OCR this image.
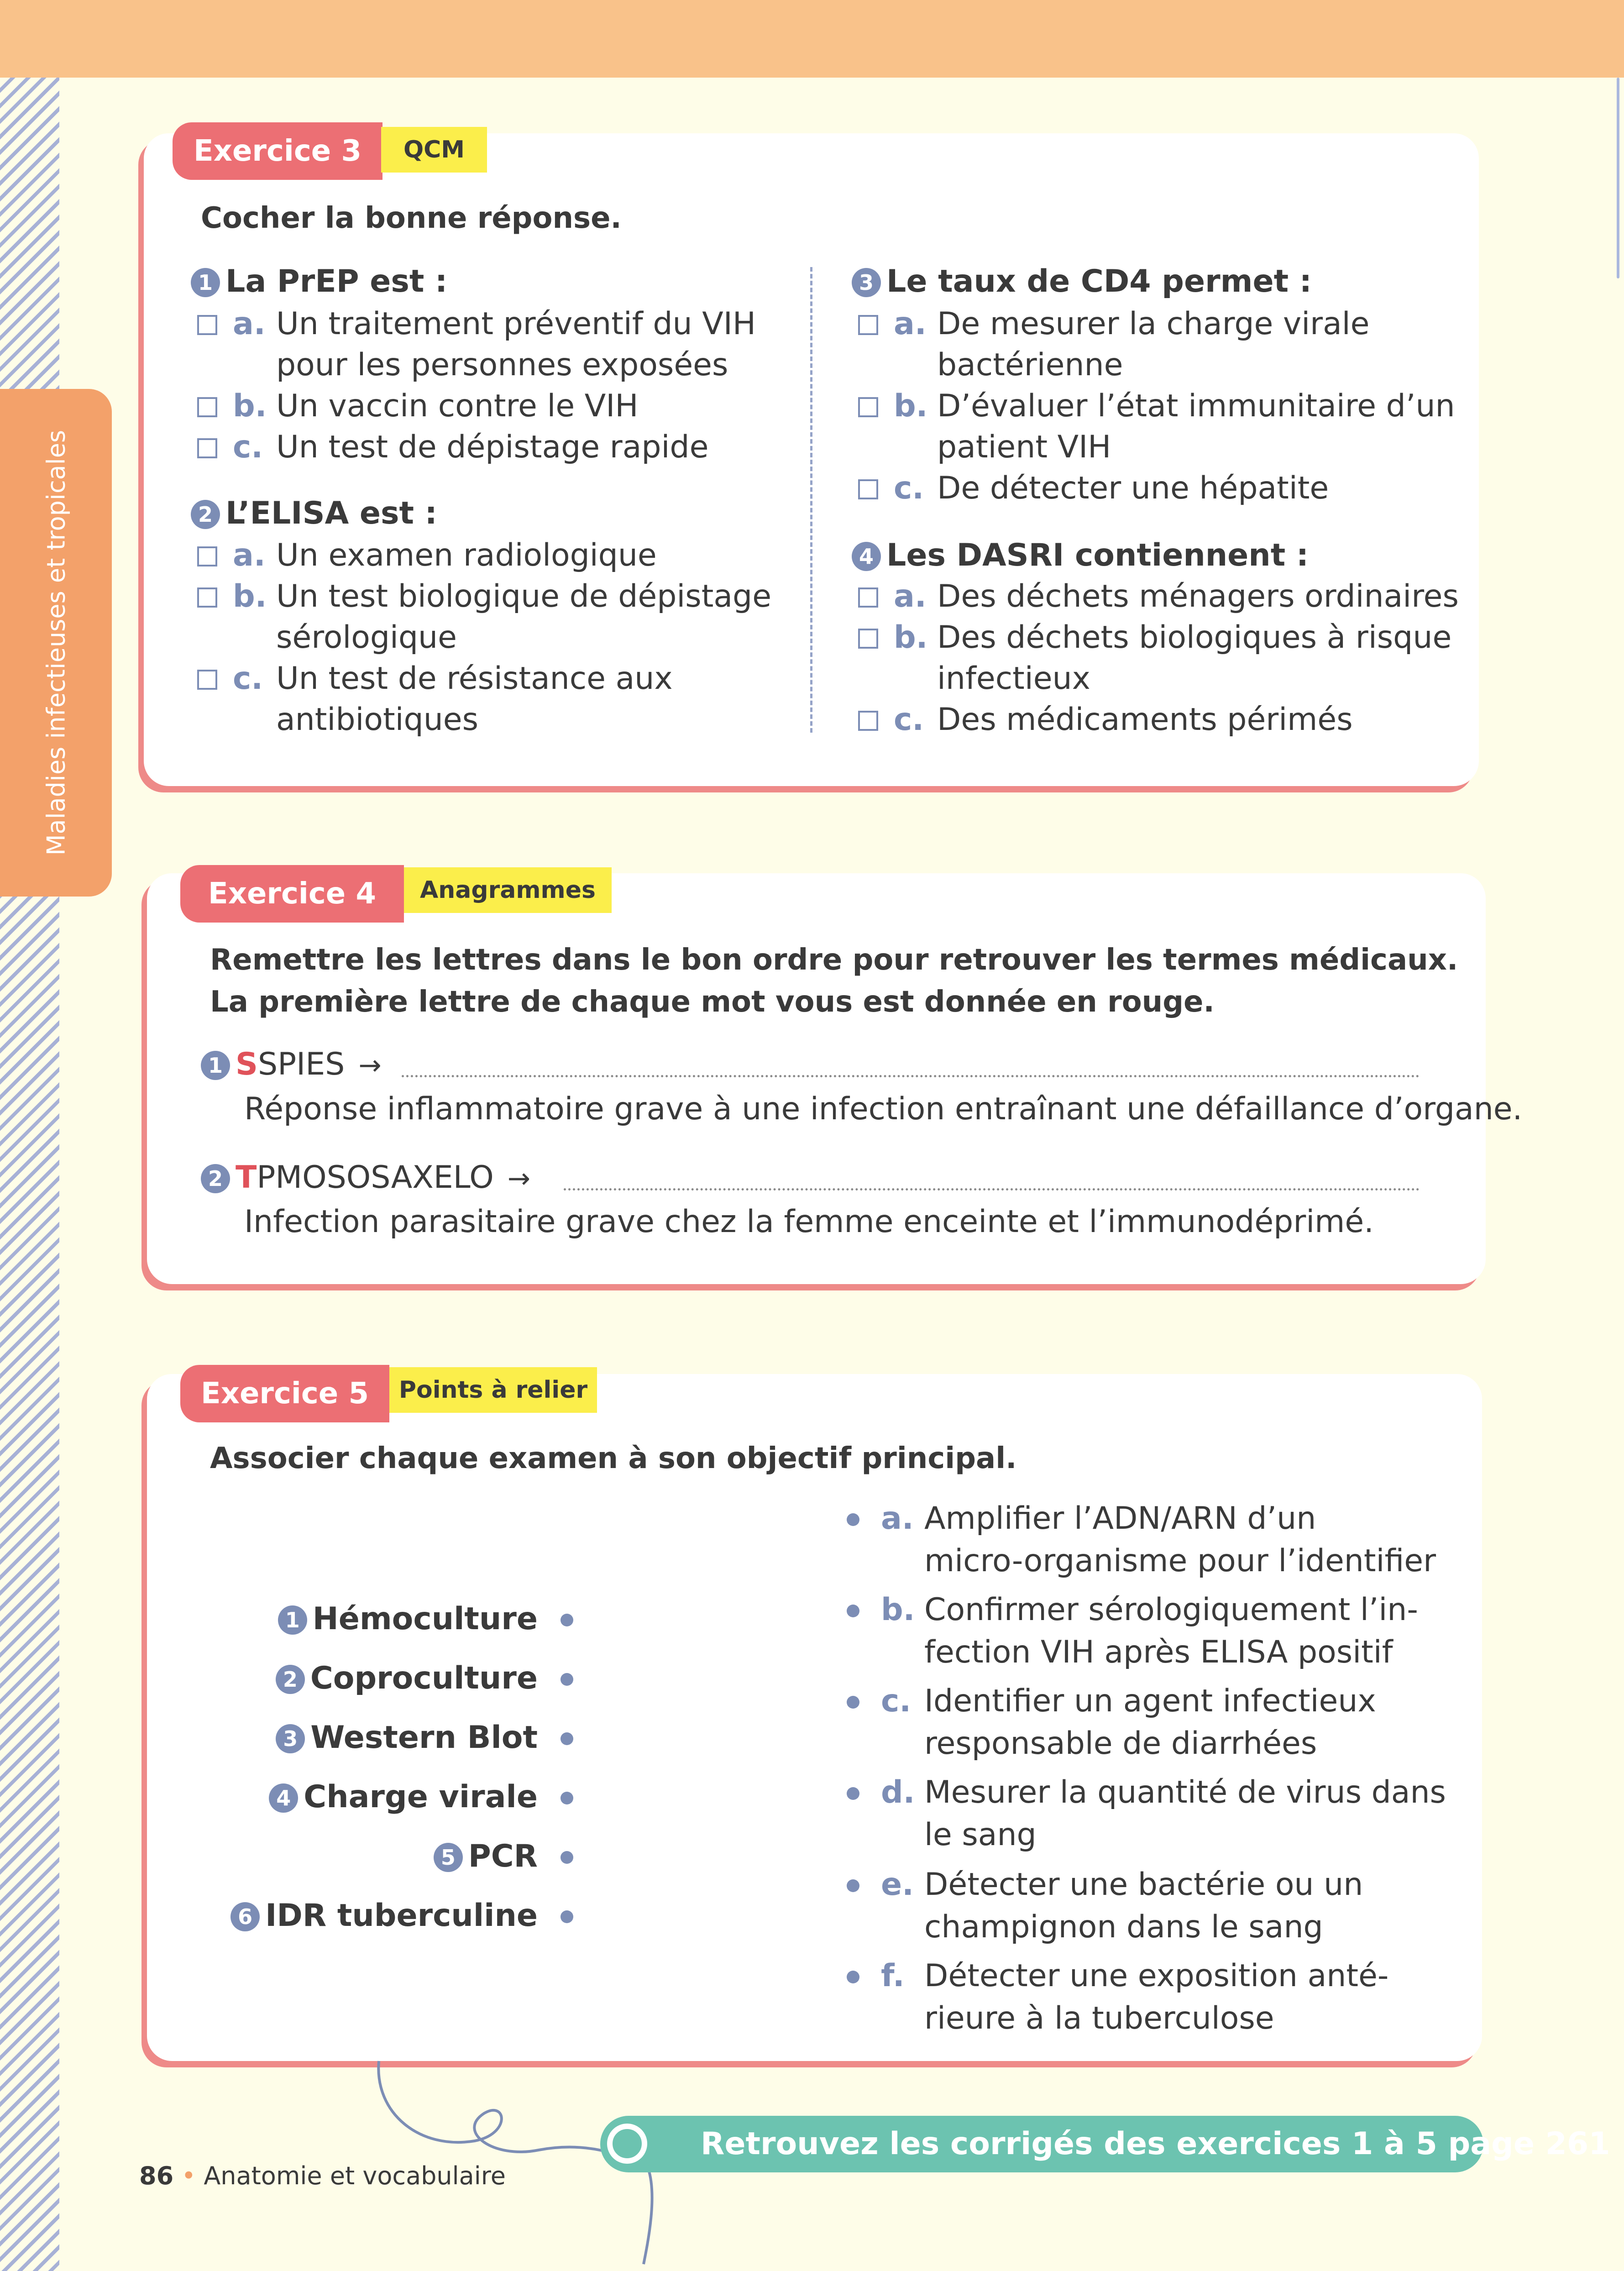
Maladies infectieuses et tropicales
Exercice 3	QCM
Cocher la bonne réponse.
1 La PrEP est :
a. Un traitement préventif du VIH
pour les personnes exposées
b. Un vaccin contre le VIH
c. Un test de dépistage rapide
2 L’ELISA est :
a. Un examen radiologique
b. Un test biologique de dépistage
sérologique
c. Un test de résistance aux
antibiotiques
3 Le taux de CD4 permet :
a. De mesurer la charge virale
bactérienne
b. D’évaluer l’état immunitaire d’un
patient VIH
c. De détecter une hépatite
4 Les DASRI contiennent :
a. Des déchets ménagers ordinaires
b. Des déchets biologiques à risque
infectieux
c. Des médicaments périmés
Exercice 4	Anagrammes
Remettre les lettres dans le bon ordre pour retrouver les termes médicaux.
La première lettre de chaque mot vous est donnée en rouge.
1 SSPIES →
Réponse inflammatoire grave à une infection entraînant une défaillance d’organe.
2 TPMOSOSAXELO →
Infection parasitaire grave chez la femme enceinte et l’immunodéprimé.
Exercice 5	Points à relier
Associer chaque examen à son objectif principal.
1 Hémoculture
2 Coproculture
3 Western Blot
4 Charge virale
5 PCR
6 IDR tuberculine
a. Amplifier l’ADN/ARN d’un
micro-organisme pour l’identifier
b. Confirmer sérologiquement l’in-
fection VIH après ELISA positif
c. Identifier un agent infectieux
responsable de diarrhées
d. Mesurer la quantité de virus dans
le sang
e. Détecter une bactérie ou un
champignon dans le sang
f. Détecter une exposition anté-
rieure à la tuberculose
Retrouvez les corrigés des exercices 1 à 5 page 261
86 • Anatomie et vocabulaire
